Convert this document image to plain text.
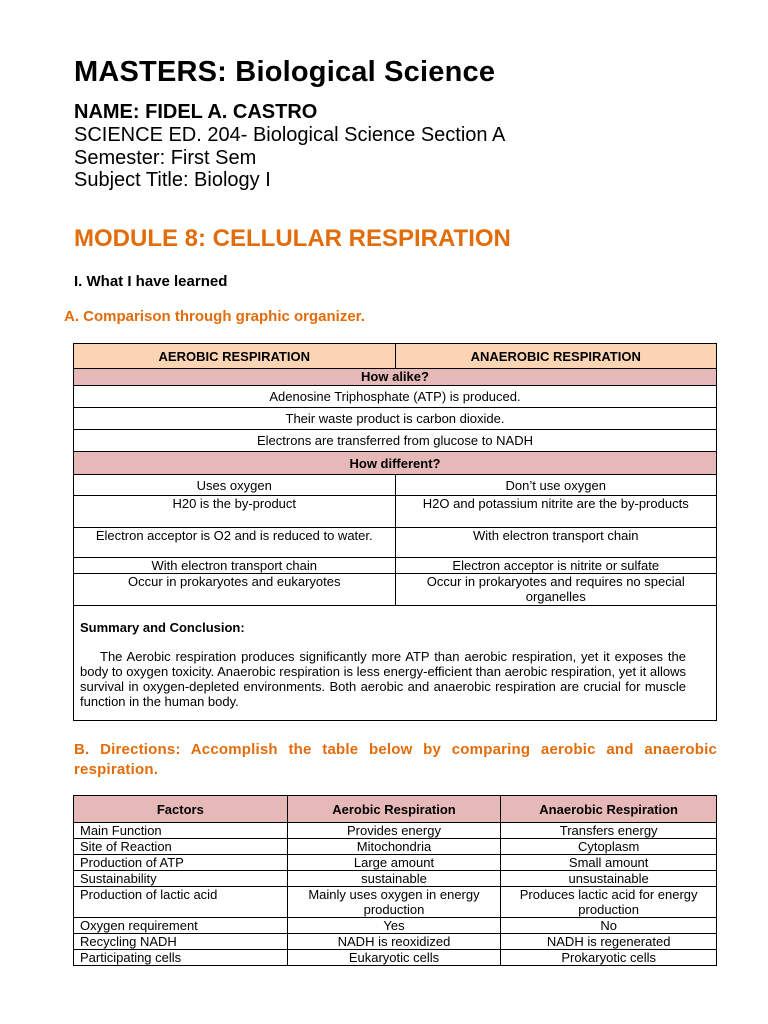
MASTERS: Biological Science
NAME: FIDEL A. CASTRO
SCIENCE ED. 204- Biological Science Section A
Semester: First Sem
Subject Title: Biology I
MODULE 8: CELLULAR RESPIRATION
I. What I have learned
A. Comparison through graphic organizer.
AEROBIC RESPIRATION	ANAEROBIC RESPIRATION
How alike?	
Adenosine Triphosphate (ATP) is produced.	
Their waste product is carbon dioxide.	
Electrons are transferred from glucose to NADH	
How different?	
Uses oxygen	Don’t use oxygen
H20 is the by-product	H2O and potassium nitrite are the by-products
Electron acceptor is O2 and is reduced to water.	With electron transport chain
With electron transport chain	Electron acceptor is nitrite or sulfate
Occur in prokaryotes and eukaryotes	Occur in prokaryotes and requires no special organelles

Summary and Conclusion:
The Aerobic respiration produces significantly more ATP than aerobic respiration, yet it exposes the body to oxygen toxicity. Anaerobic respiration is less energy-efficient than aerobic respiration, yet it allows survival in oxygen-depleted environments. Both aerobic and anaerobic respiration are crucial for muscle function in the human body.	
B. Directions: Accomplish the table below by comparing aerobic and anaerobic respiration.
Factors	Aerobic Respiration	Anaerobic Respiration
Main Function	Provides energy	Transfers energy
Site of Reaction	Mitochondria	Cytoplasm
Production of ATP	Large amount	Small amount
Sustainability	sustainable	unsustainable
Production of lactic acid	Mainly uses oxygen in energy production	Produces lactic acid for energy production
Oxygen requirement	Yes	No
Recycling NADH	NADH is reoxidized	NADH is regenerated
Participating cells	Eukaryotic cells	Prokaryotic cells
